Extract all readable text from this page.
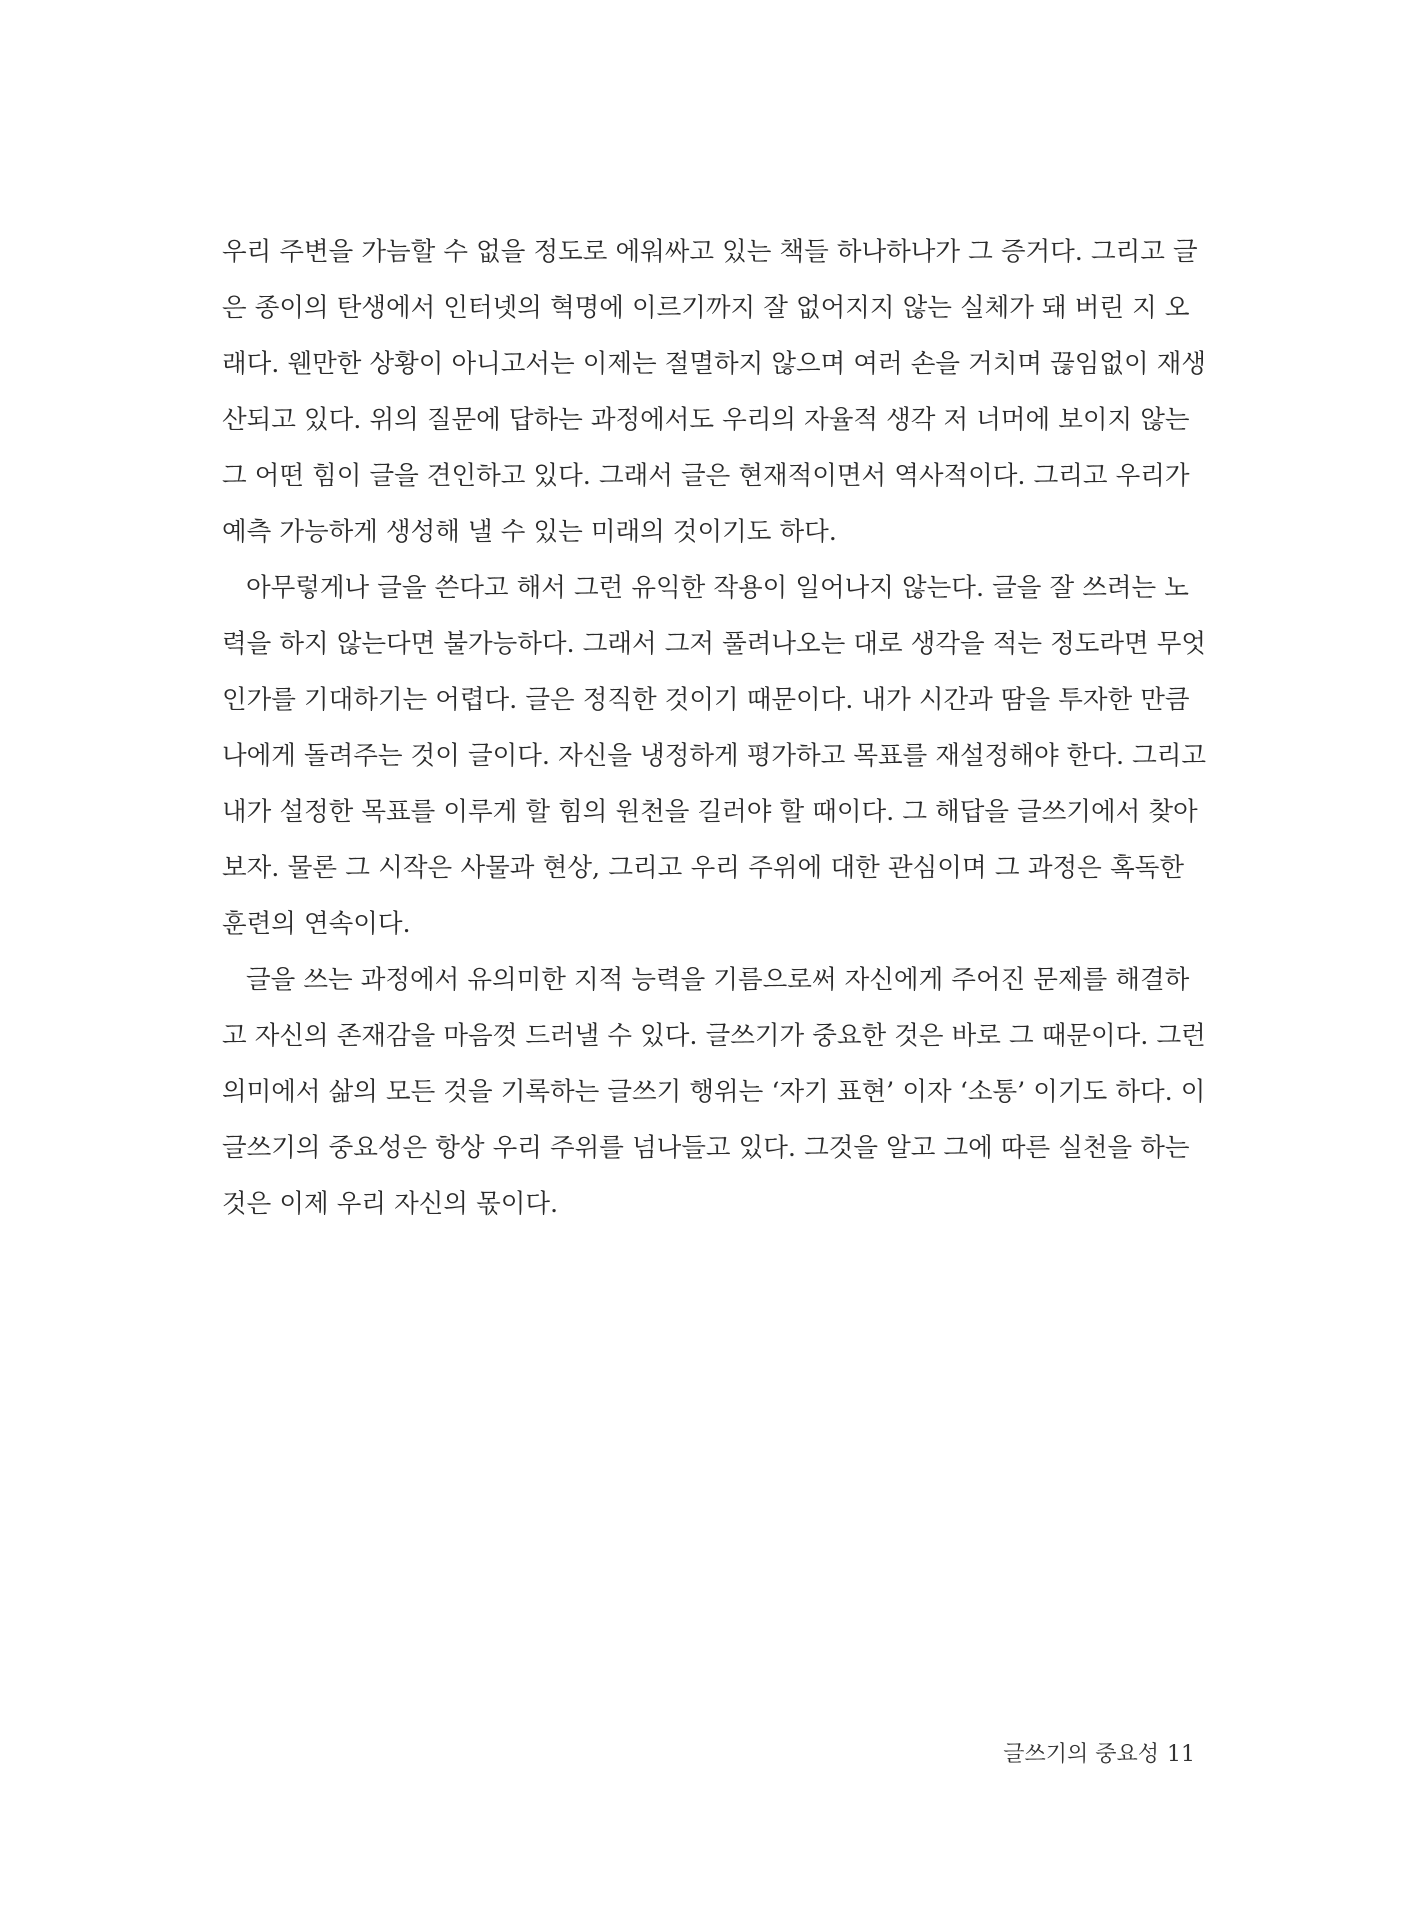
우리 주변을 가늠할 수 없을 정도로 에워싸고 있는 책들 하나하나가 그 증거다. 그리고 글
은 종이의 탄생에서 인터넷의 혁명에 이르기까지 잘 없어지지 않는 실체가 돼 버린 지 오
래다. 웬만한 상황이 아니고서는 이제는 절멸하지 않으며 여러 손을 거치며 끊임없이 재생
산되고 있다. 위의 질문에 답하는 과정에서도 우리의 자율적 생각 저 너머에 보이지 않는
그 어떤 힘이 글을 견인하고 있다. 그래서 글은 현재적이면서 역사적이다. 그리고 우리가
예측 가능하게 생성해 낼 수 있는 미래의 것이기도 하다.
아무렇게나 글을 쓴다고 해서 그런 유익한 작용이 일어나지 않는다. 글을 잘 쓰려는 노
력을 하지 않는다면 불가능하다. 그래서 그저 풀려나오는 대로 생각을 적는 정도라면 무엇
인가를 기대하기는 어렵다. 글은 정직한 것이기 때문이다. 내가 시간과 땀을 투자한 만큼
나에게 돌려주는 것이 글이다. 자신을 냉정하게 평가하고 목표를 재설정해야 한다. 그리고
내가 설정한 목표를 이루게 할 힘의 원천을 길러야 할 때이다. 그 해답을 글쓰기에서 찾아
보자. 물론 그 시작은 사물과 현상, 그리고 우리 주위에 대한 관심이며 그 과정은 혹독한
훈련의 연속이다.
글을 쓰는 과정에서 유의미한 지적 능력을 기름으로써 자신에게 주어진 문제를 해결하
고 자신의 존재감을 마음껏 드러낼 수 있다. 글쓰기가 중요한 것은 바로 그 때문이다. 그런
의미에서 삶의 모든 것을 기록하는 글쓰기 행위는 ‘자기 표현’ 이자 ‘소통’ 이기도 하다. 이
글쓰기의 중요성은 항상 우리 주위를 넘나들고 있다. 그것을 알고 그에 따른 실천을 하는
것은 이제 우리 자신의 몫이다.
글쓰기의 중요성 11
